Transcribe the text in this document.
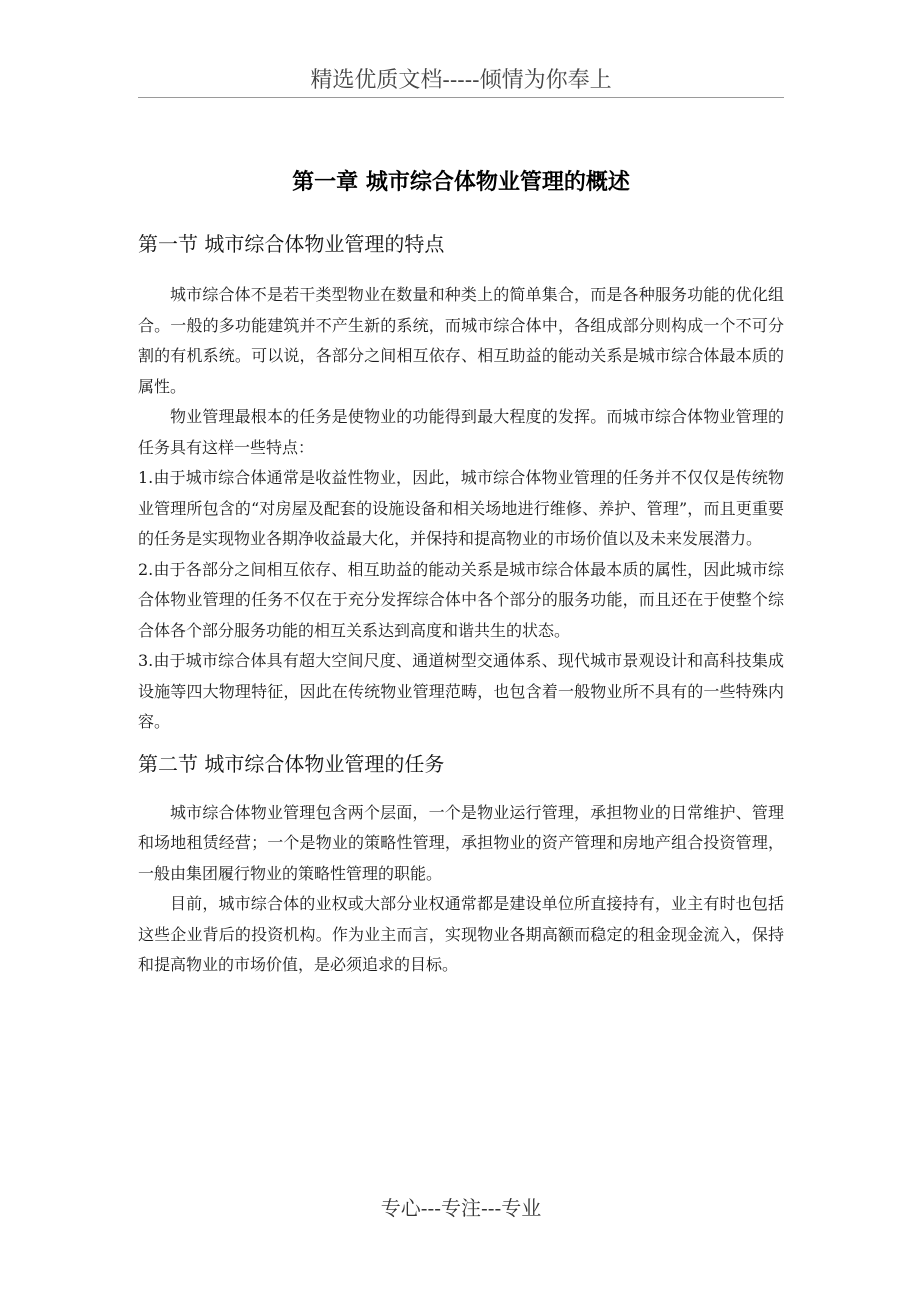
精选优质文档-----倾情为你奉上
第一章 城市综合体物业管理的概述
第一节 城市综合体物业管理的特点

城市综合体不是若干类型物业在数量和种类上的简单集合，而是各种服务功能的优化组合。一般的多功能建筑并不产生新的系统，而城市综合体中，各组成部分则构成一个不可分割的有机系统。可以说，各部分之间相互依存、相互助益的能动关系是城市综合体最本质的属性。

物业管理最根本的任务是使物业的功能得到最大程度的发挥。而城市综合体物业管理的任务具有这样一些特点：

1.由于城市综合体通常是收益性物业，因此，城市综合体物业管理的任务并不仅仅是传统物业管理所包含的“对房屋及配套的设施设备和相关场地进行维修、养护、管理”，而且更重要的任务是实现物业各期净收益最大化，并保持和提高物业的市场价值以及未来发展潜力。

2.由于各部分之间相互依存、相互助益的能动关系是城市综合体最本质的属性，因此城市综合体物业管理的任务不仅在于充分发挥综合体中各个部分的服务功能，而且还在于使整个综合体各个部分服务功能的相互关系达到高度和谐共生的状态。

3.由于城市综合体具有超大空间尺度、通道树型交通体系、现代城市景观设计和高科技集成设施等四大物理特征，因此在传统物业管理范畴，也包含着一般物业所不具有的一些特殊内容。

第二节 城市综合体物业管理的任务

城市综合体物业管理包含两个层面，一个是物业运行管理，承担物业的日常维护、管理和场地租赁经营；一个是物业的策略性管理，承担物业的资产管理和房地产组合投资管理，一般由集团履行物业的策略性管理的职能。

目前，城市综合体的业权或大部分业权通常都是建设单位所直接持有，业主有时也包括这些企业背后的投资机构。作为业主而言，实现物业各期高额而稳定的租金现金流入，保持和提高物业的市场价值，是必须追求的目标。

专心---专注---专业
